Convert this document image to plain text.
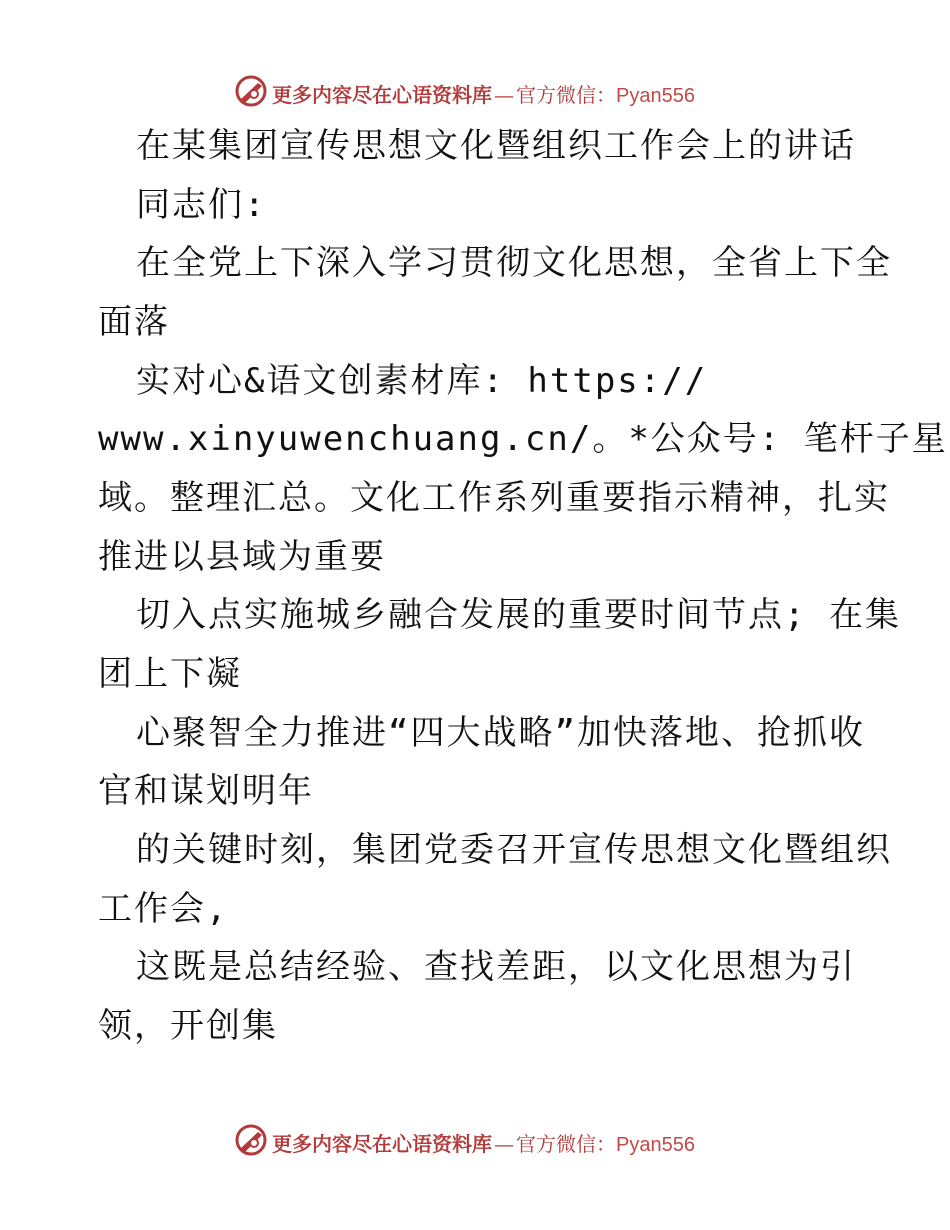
更多内容尽在心语资料库 — 官方微信：Pyan556
在某集团宣传思想文化暨组织工作会上的讲话
同志们:
在全党上下深入学习贯彻文化思想，全省上下全
面落
实对心&语文创素材库: https://
www.xinyuwenchuang.cn/。*公众号: 笔杆子星
域。整理汇总。文化工作系列重要指示精神，扎实
推进以县域为重要
切入点实施城乡融合发展的重要时间节点; 在集
团上下凝
心聚智全力推进“四大战略”加快落地、抢抓收
官和谋划明年
的关键时刻，集团党委召开宣传思想文化暨组织
工作会,
这既是总结经验、查找差距，以文化思想为引
领，开创集
更多内容尽在心语资料库 — 官方微信：Pyan556
